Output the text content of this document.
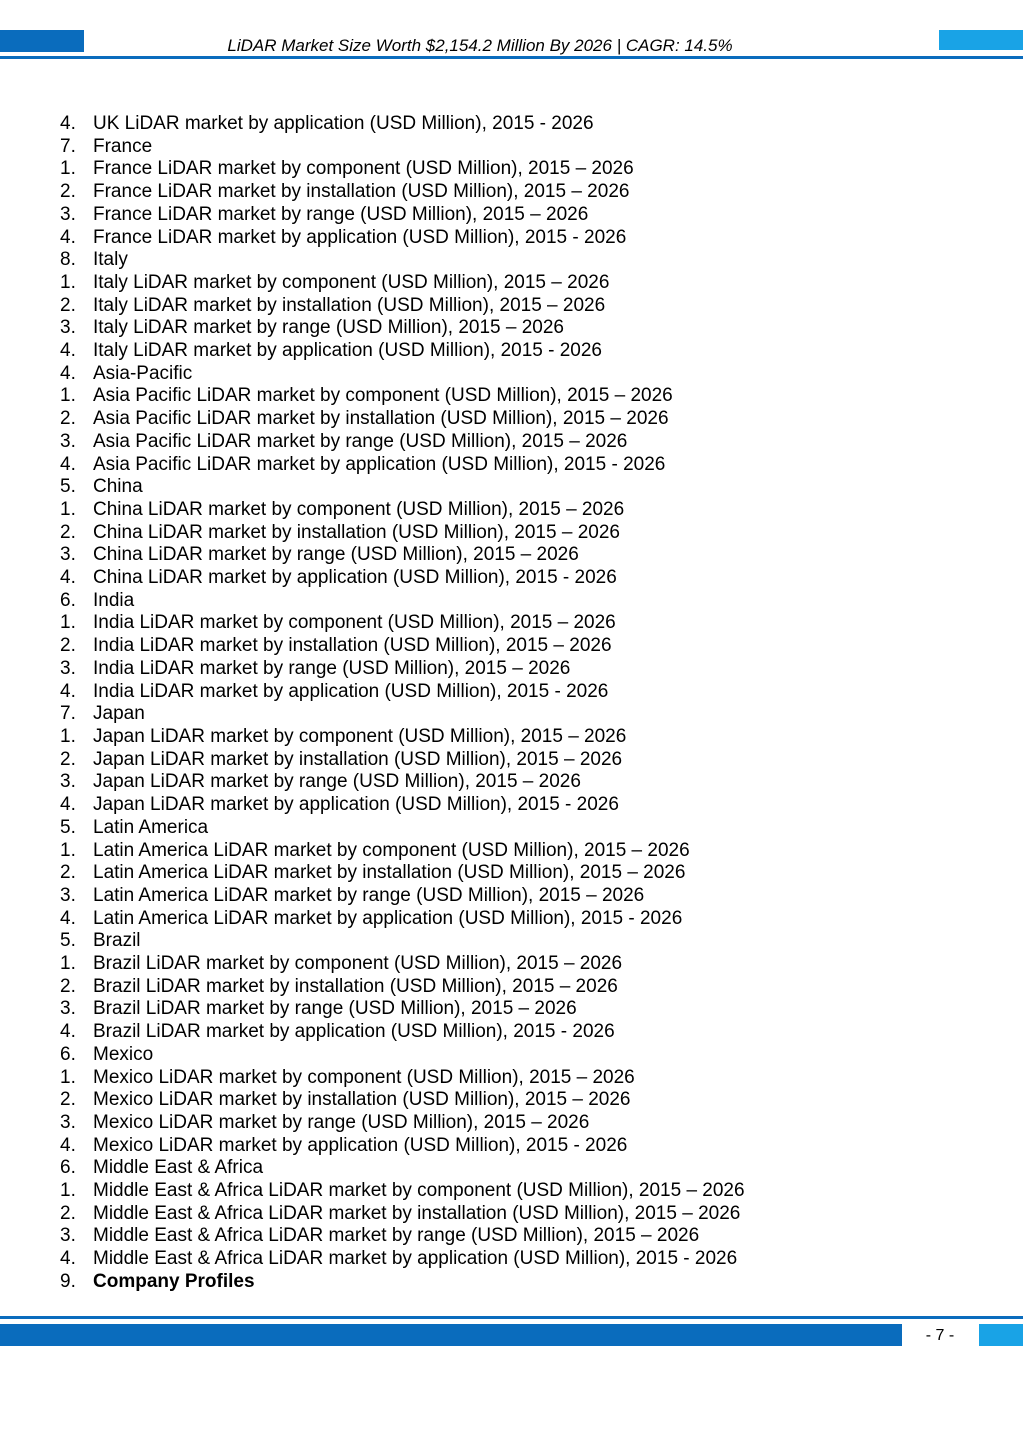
LiDAR Market Size Worth $2,154.2 Million By 2026 | CAGR: 14.5%
4. UK LiDAR market by application (USD Million), 2015 - 2026
7. France
1. France LiDAR market by component (USD Million), 2015 – 2026
2. France LiDAR market by installation (USD Million), 2015 – 2026
3. France LiDAR market by range (USD Million), 2015 – 2026
4. France LiDAR market by application (USD Million), 2015 - 2026
8. Italy
1. Italy LiDAR market by component (USD Million), 2015 – 2026
2. Italy LiDAR market by installation (USD Million), 2015 – 2026
3. Italy LiDAR market by range (USD Million), 2015 – 2026
4. Italy LiDAR market by application (USD Million), 2015 - 2026
4. Asia-Pacific
1. Asia Pacific LiDAR market by component (USD Million), 2015 – 2026
2. Asia Pacific LiDAR market by installation (USD Million), 2015 – 2026
3. Asia Pacific LiDAR market by range (USD Million), 2015 – 2026
4. Asia Pacific LiDAR market by application (USD Million), 2015 - 2026
5. China
1. China LiDAR market by component (USD Million), 2015 – 2026
2. China LiDAR market by installation (USD Million), 2015 – 2026
3. China LiDAR market by range (USD Million), 2015 – 2026
4. China LiDAR market by application (USD Million), 2015 - 2026
6. India
1. India LiDAR market by component (USD Million), 2015 – 2026
2. India LiDAR market by installation (USD Million), 2015 – 2026
3. India LiDAR market by range (USD Million), 2015 – 2026
4. India LiDAR market by application (USD Million), 2015 - 2026
7. Japan
1. Japan LiDAR market by component (USD Million), 2015 – 2026
2. Japan LiDAR market by installation (USD Million), 2015 – 2026
3. Japan LiDAR market by range (USD Million), 2015 – 2026
4. Japan LiDAR market by application (USD Million), 2015 - 2026
5. Latin America
1. Latin America LiDAR market by component (USD Million), 2015 – 2026
2. Latin America LiDAR market by installation (USD Million), 2015 – 2026
3. Latin America LiDAR market by range (USD Million), 2015 – 2026
4. Latin America LiDAR market by application (USD Million), 2015 - 2026
5. Brazil
1. Brazil LiDAR market by component (USD Million), 2015 – 2026
2. Brazil LiDAR market by installation (USD Million), 2015 – 2026
3. Brazil LiDAR market by range (USD Million), 2015 – 2026
4. Brazil LiDAR market by application (USD Million), 2015 - 2026
6. Mexico
1. Mexico LiDAR market by component (USD Million), 2015 – 2026
2. Mexico LiDAR market by installation (USD Million), 2015 – 2026
3. Mexico LiDAR market by range (USD Million), 2015 – 2026
4. Mexico LiDAR market by application (USD Million), 2015 - 2026
6. Middle East & Africa
1. Middle East & Africa LiDAR market by component (USD Million), 2015 – 2026
2. Middle East & Africa LiDAR market by installation (USD Million), 2015 – 2026
3. Middle East & Africa LiDAR market by range (USD Million), 2015 – 2026
4. Middle East & Africa LiDAR market by application (USD Million), 2015 - 2026
9. Company Profiles
- 7 -
